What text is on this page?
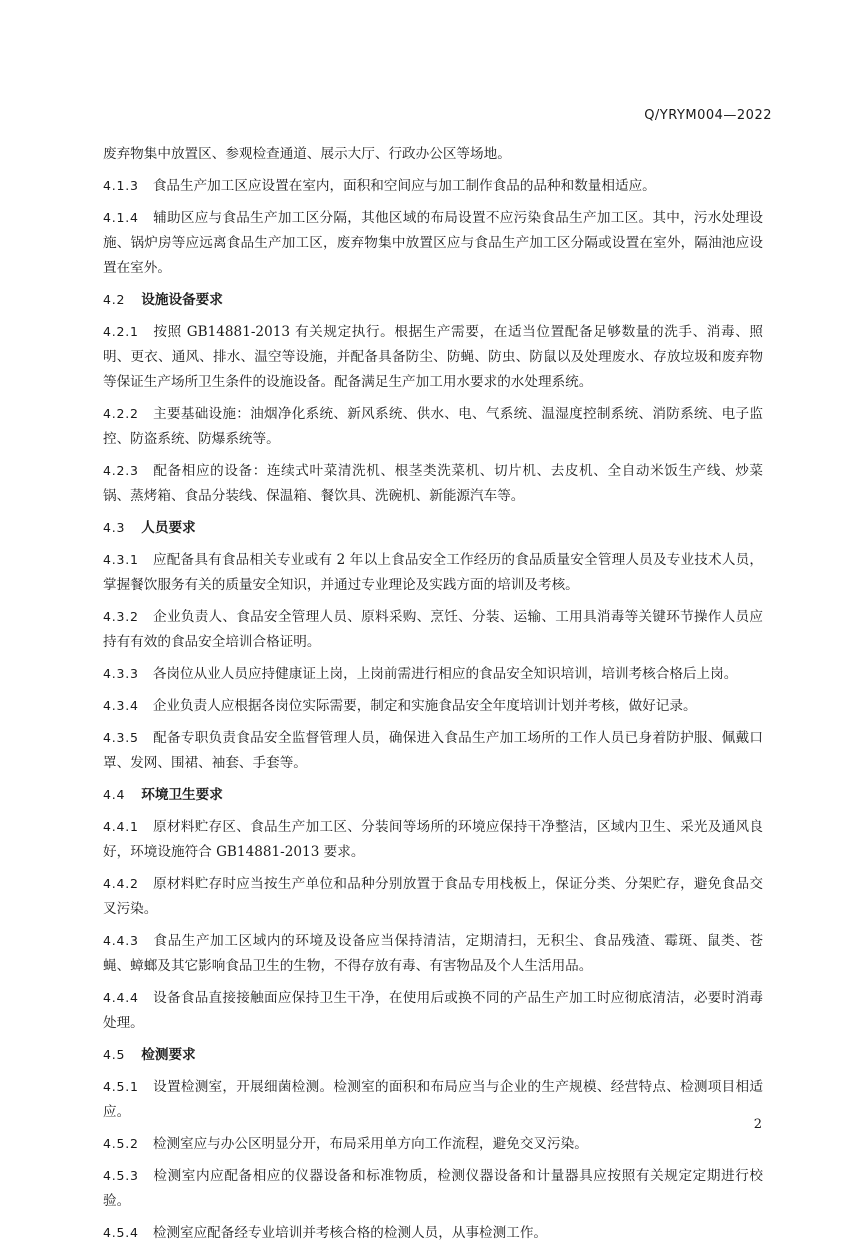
Q/YRYM004—2022

废弃物集中放置区、参观检查通道、展示大厅、行政办公区等场地。

4.1.3 食品生产加工区应设置在室内，面积和空间应与加工制作食品的品种和数量相适应。

4.1.4 辅助区应与食品生产加工区分隔，其他区域的布局设置不应污染食品生产加工区。其中，污水处理设施、锅炉房等应远离食品生产加工区，废弃物集中放置区应与食品生产加工区分隔或设置在室外，隔油池应设置在室外。

4.2 设施设备要求

4.2.1 按照 GB14881-2013 有关规定执行。根据生产需要，在适当位置配备足够数量的洗手、消毒、照明、更衣、通风、排水、温空等设施，并配备具备防尘、防蝇、防虫、防鼠以及处理废水、存放垃圾和废弃物等保证生产场所卫生条件的设施设备。配备满足生产加工用水要求的水处理系统。

4.2.2 主要基础设施：油烟净化系统、新风系统、供水、电、气系统、温湿度控制系统、消防系统、电子监控、防盗系统、防爆系统等。

4.2.3 配备相应的设备：连续式叶菜清洗机、根茎类洗菜机、切片机、去皮机、全自动米饭生产线、炒菜锅、蒸烤箱、食品分装线、保温箱、餐饮具、洗碗机、新能源汽车等。

4.3 人员要求

4.3.1 应配备具有食品相关专业或有 2 年以上食品安全工作经历的食品质量安全管理人员及专业技术人员，掌握餐饮服务有关的质量安全知识，并通过专业理论及实践方面的培训及考核。

4.3.2 企业负责人、食品安全管理人员、原料采购、烹饪、分装、运输、工用具消毒等关键环节操作人员应持有有效的食品安全培训合格证明。

4.3.3 各岗位从业人员应持健康证上岗，上岗前需进行相应的食品安全知识培训，培训考核合格后上岗。

4.3.4 企业负责人应根据各岗位实际需要，制定和实施食品安全年度培训计划并考核，做好记录。

4.3.5 配备专职负责食品安全监督管理人员，确保进入食品生产加工场所的工作人员已身着防护服、佩戴口罩、发网、围裙、袖套、手套等。

4.4 环境卫生要求

4.4.1 原材料贮存区、食品生产加工区、分装间等场所的环境应保持干净整洁，区域内卫生、采光及通风良好，环境设施符合 GB14881-2013 要求。

4.4.2 原材料贮存时应当按生产单位和品种分别放置于食品专用栈板上，保证分类、分架贮存，避免食品交叉污染。

4.4.3 食品生产加工区域内的环境及设备应当保持清洁，定期清扫，无积尘、食品残渣、霉斑、鼠类、苍蝇、蟑螂及其它影响食品卫生的生物，不得存放有毒、有害物品及个人生活用品。

4.4.4 设备食品直接接触面应保持卫生干净，在使用后或换不同的产品生产加工时应彻底清洁，必要时消毒处理。

4.5 检测要求

4.5.1 设置检测室，开展细菌检测。检测室的面积和布局应当与企业的生产规模、经营特点、检测项目相适应。

4.5.2 检测室应与办公区明显分开，布局采用单方向工作流程，避免交叉污染。

4.5.3 检测室内应配备相应的仪器设备和标准物质，检测仪器设备和计量器具应按照有关规定定期进行校验。

4.5.4 检测室应配备经专业培训并考核合格的检测人员，从事检测工作。

2
